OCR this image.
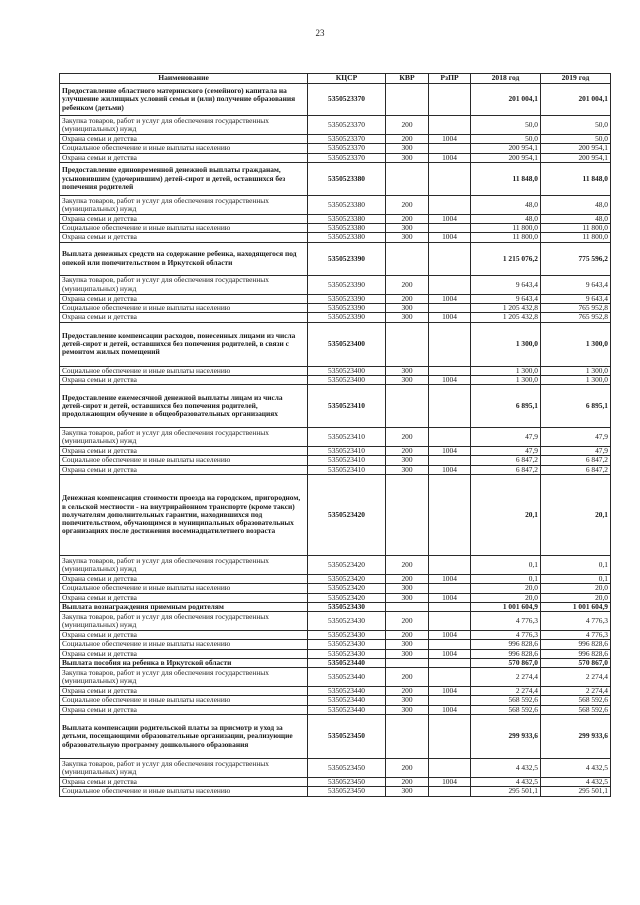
23
Наименование	КЦСР	КВР	РзПР	2018 год	2019 год
Предоставление областного материнского (семейного) капитала на улучшение жилищных условий семьи и (или) получение образования ребенком (детьми)	5350523370			201 004,1	201 004,1
Закупка товаров, работ и услуг для обеспечения государственных (муниципальных) нужд	5350523370	200		50,0	50,0
Охрана семьи и детства	5350523370	200	1004	50,0	50,0
Социальное обеспечение и иные выплаты населению	5350523370	300		200 954,1	200 954,1
Охрана семьи и детства	5350523370	300	1004	200 954,1	200 954,1
Предоставление единовременной денежной выплаты гражданам, усыновившим (удочерившим) детей-сирот и детей, оставшихся без попечения родителей	5350523380			11 848,0	11 848,0
Закупка товаров, работ и услуг для обеспечения государственных (муниципальных) нужд	5350523380	200		48,0	48,0
Охрана семьи и детства	5350523380	200	1004	48,0	48,0
Социальное обеспечение и иные выплаты населению	5350523380	300		11 800,0	11 800,0
Охрана семьи и детства	5350523380	300	1004	11 800,0	11 800,0
Выплата денежных средств на содержание ребенка, находящегося под опекой или попечительством в Иркутской области	5350523390			1 215 076,2	775 596,2
Закупка товаров, работ и услуг для обеспечения государственных (муниципальных) нужд	5350523390	200		9 643,4	9 643,4
Охрана семьи и детства	5350523390	200	1004	9 643,4	9 643,4
Социальное обеспечение и иные выплаты населению	5350523390	300		1 205 432,8	765 952,8
Охрана семьи и детства	5350523390	300	1004	1 205 432,8	765 952,8
Предоставление компенсации расходов, понесенных лицами из числа детей-сирот и детей, оставшихся без попечения родителей, в связи с ремонтом жилых помещений	5350523400			1 300,0	1 300,0
Социальное обеспечение и иные выплаты населению	5350523400	300		1 300,0	1 300,0
Охрана семьи и детства	5350523400	300	1004	1 300,0	1 300,0
Предоставление ежемесячной денежной выплаты лицам из числа детей-сирот и детей, оставшихся без попечения родителей, продолжающим обучение в общеобразовательных организациях	5350523410			6 895,1	6 895,1
Закупка товаров, работ и услуг для обеспечения государственных (муниципальных) нужд	5350523410	200		47,9	47,9
Охрана семьи и детства	5350523410	200	1004	47,9	47,9
Социальное обеспечение и иные выплаты населению	5350523410	300		6 847,2	6 847,2
Охрана семьи и детства	5350523410	300	1004	6 847,2	6 847,2
Денежная компенсация стоимости проезда на городском, пригородном, в сельской местности - на внутрирайонном транспорте (кроме такси) получателям дополнительных гарантии, находившихся под попечительством, обучающимся в муниципальных образовательных организациях после достижения восемнадцатилетнего возраста	5350523420			20,1	20,1
Закупка товаров, работ и услуг для обеспечения государственных (муниципальных) нужд	5350523420	200		0,1	0,1
Охрана семьи и детства	5350523420	200	1004	0,1	0,1
Социальное обеспечение и иные выплаты населению	5350523420	300		20,0	20,0
Охрана семьи и детства	5350523420	300	1004	20,0	20,0
Выплата вознаграждения приемным родителям	5350523430			1 001 604,9	1 001 604,9
Закупка товаров, работ и услуг для обеспечения государственных (муниципальных) нужд	5350523430	200		4 776,3	4 776,3
Охрана семьи и детства	5350523430	200	1004	4 776,3	4 776,3
Социальное обеспечение и иные выплаты населению	5350523430	300		996 828,6	996 828,6
Охрана семьи и детства	5350523430	300	1004	996 828,6	996 828,6
Выплата пособия на ребенка в Иркутской области	5350523440			570 867,0	570 867,0
Закупка товаров, работ и услуг для обеспечения государственных (муниципальных) нужд	5350523440	200		2 274,4	2 274,4
Охрана семьи и детства	5350523440	200	1004	2 274,4	2 274,4
Социальное обеспечение и иные выплаты населению	5350523440	300		568 592,6	568 592,6
Охрана семьи и детства	5350523440	300	1004	568 592,6	568 592,6
Выплата компенсации родительской платы за присмотр и уход за детьми, посещающими образовательные организации, реализующие образовательную программу дошкольного образования	5350523450			299 933,6	299 933,6
Закупка товаров, работ и услуг для обеспечения государственных (муниципальных) нужд	5350523450	200		4 432,5	4 432,5
Охрана семьи и детства	5350523450	200	1004	4 432,5	4 432,5
Социальное обеспечение и иные выплаты населению	5350523450	300		295 501,1	295 501,1
